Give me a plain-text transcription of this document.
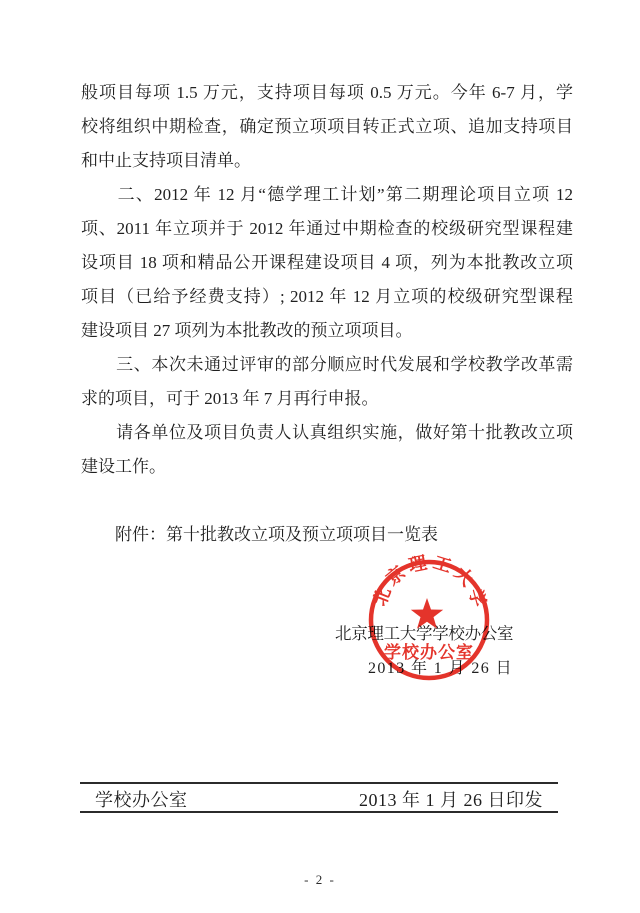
般项目每项 1.5 万元，支持项目每项 0.5 万元。今年 6-7 月，学
校将组织中期检查，确定预立项项目转正式立项、追加支持项目
和中止支持项目清单。
　　二、2012 年 12 月“德学理工计划”第二期理论项目立项 12
项、2011 年立项并于 2012 年通过中期检查的校级研究型课程建
设项目 18 项和精品公开课程建设项目 4 项，列为本批教改立项
项目（已给予经费支持）; 2012 年 12 月立项的校级研究型课程
建设项目 27 项列为本批教改的预立项项目。
　　三、本次未通过评审的部分顺应时代发展和学校教学改革需
求的项目，可于 2013 年 7 月再行申报。
　　请各单位及项目负责人认真组织实施，做好第十批教改立项
建设工作。

　　附件：第十批教改立项及预立项项目一览表
北京理工大学学校办公室
2013 年 1 月 26 日
北京理工大学
学校办公室
学校办公室	2013 年 1 月 26 日印发
- 2 -
